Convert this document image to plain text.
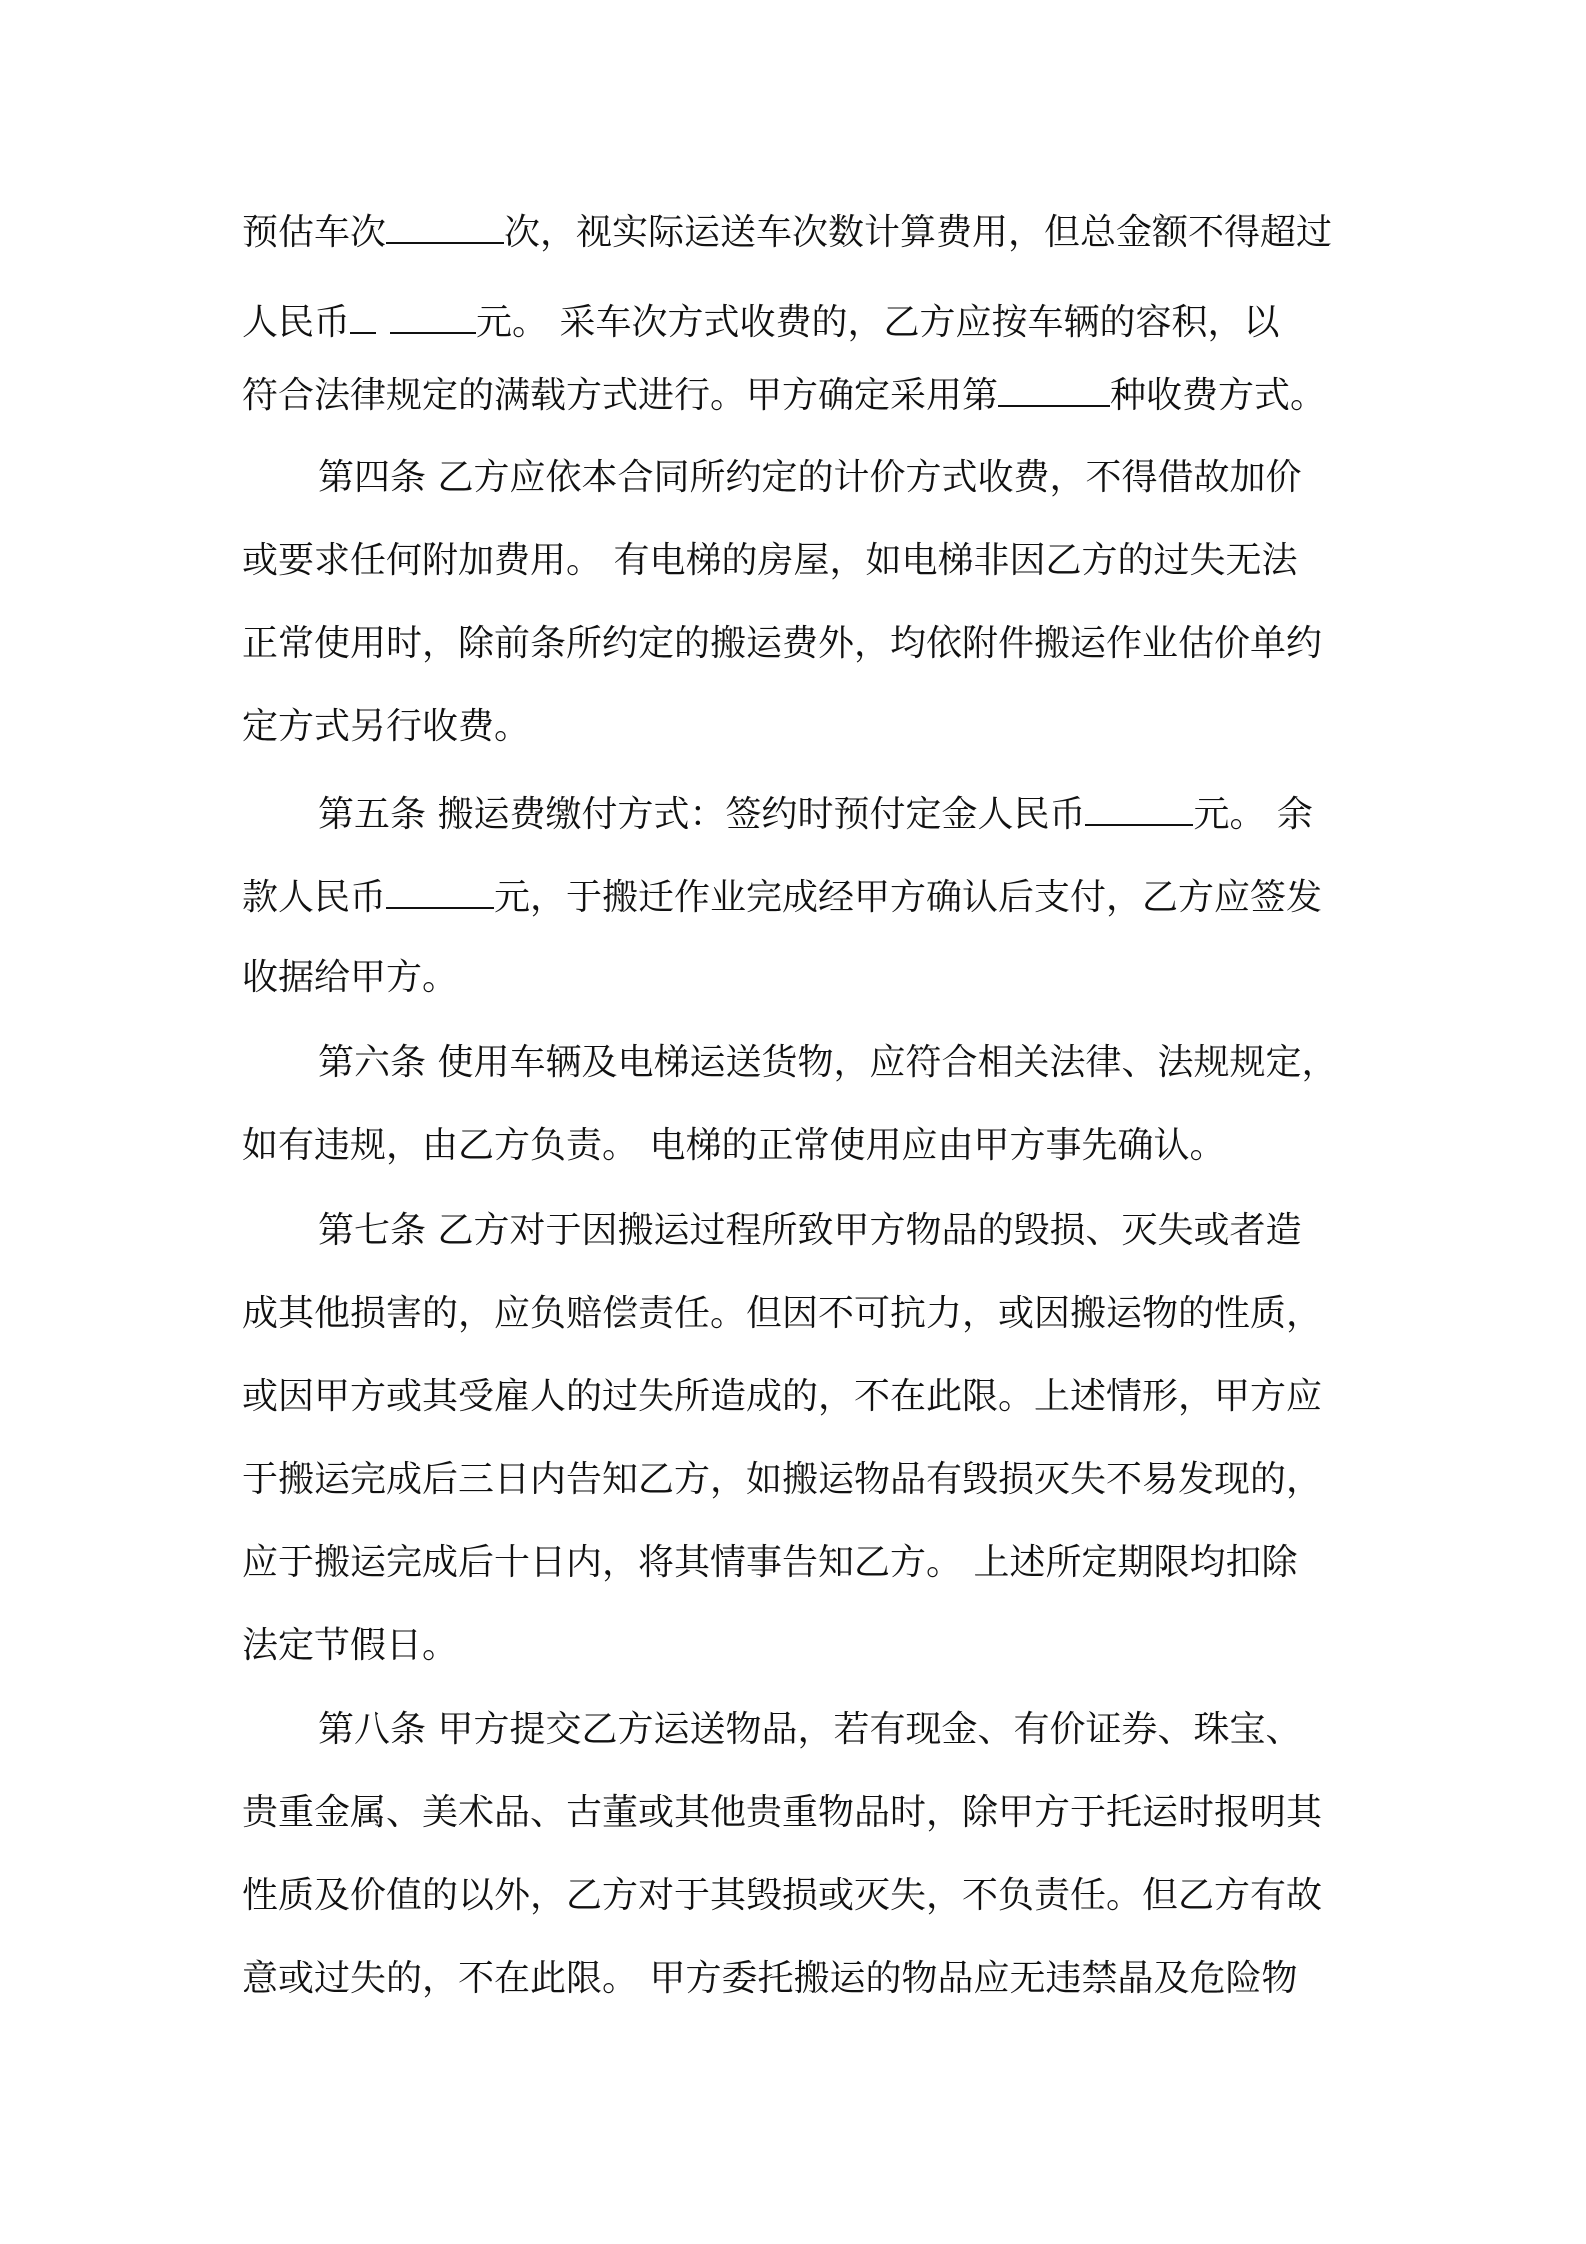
预估车次	次，视实际运送车次数计算费用，但总金额不得超过
人民币	元。 采车次方式收费的，乙方应按车辆的容积，以
符合法律规定的满载方式进行。甲方确定采用第	种收费方式。
第四条 乙方应依本合同所约定的计价方式收费，不得借故加价
或要求任何附加费用。 有电梯的房屋，如电梯非因乙方的过失无法
正常使用时，除前条所约定的搬运费外，均依附件搬运作业估价单约
定方式另行收费。
第五条 搬运费缴付方式：签约时预付定金人民币	元。 余
款人民币	元，于搬迁作业完成经甲方确认后支付，乙方应签发
收据给甲方。
第六条 使用车辆及电梯运送货物，应符合相关法律、法规规定，
如有违规，由乙方负责。 电梯的正常使用应由甲方事先确认。
第七条 乙方对于因搬运过程所致甲方物品的毁损、灭失或者造
成其他损害的，应负赔偿责任。但因不可抗力，或因搬运物的性质，
或因甲方或其受雇人的过失所造成的，不在此限。上述情形，甲方应
于搬运完成后三日内告知乙方，如搬运物品有毁损灭失不易发现的，
应于搬运完成后十日内，将其情事告知乙方。 上述所定期限均扣除
法定节假日。
第八条 甲方提交乙方运送物品，若有现金、有价证券、珠宝、
贵重金属、美术品、古董或其他贵重物品时，除甲方于托运时报明其
性质及价值的以外，乙方对于其毁损或灭失，不负责任。但乙方有故
意或过失的，不在此限。 甲方委托搬运的物品应无违禁晶及危险物
